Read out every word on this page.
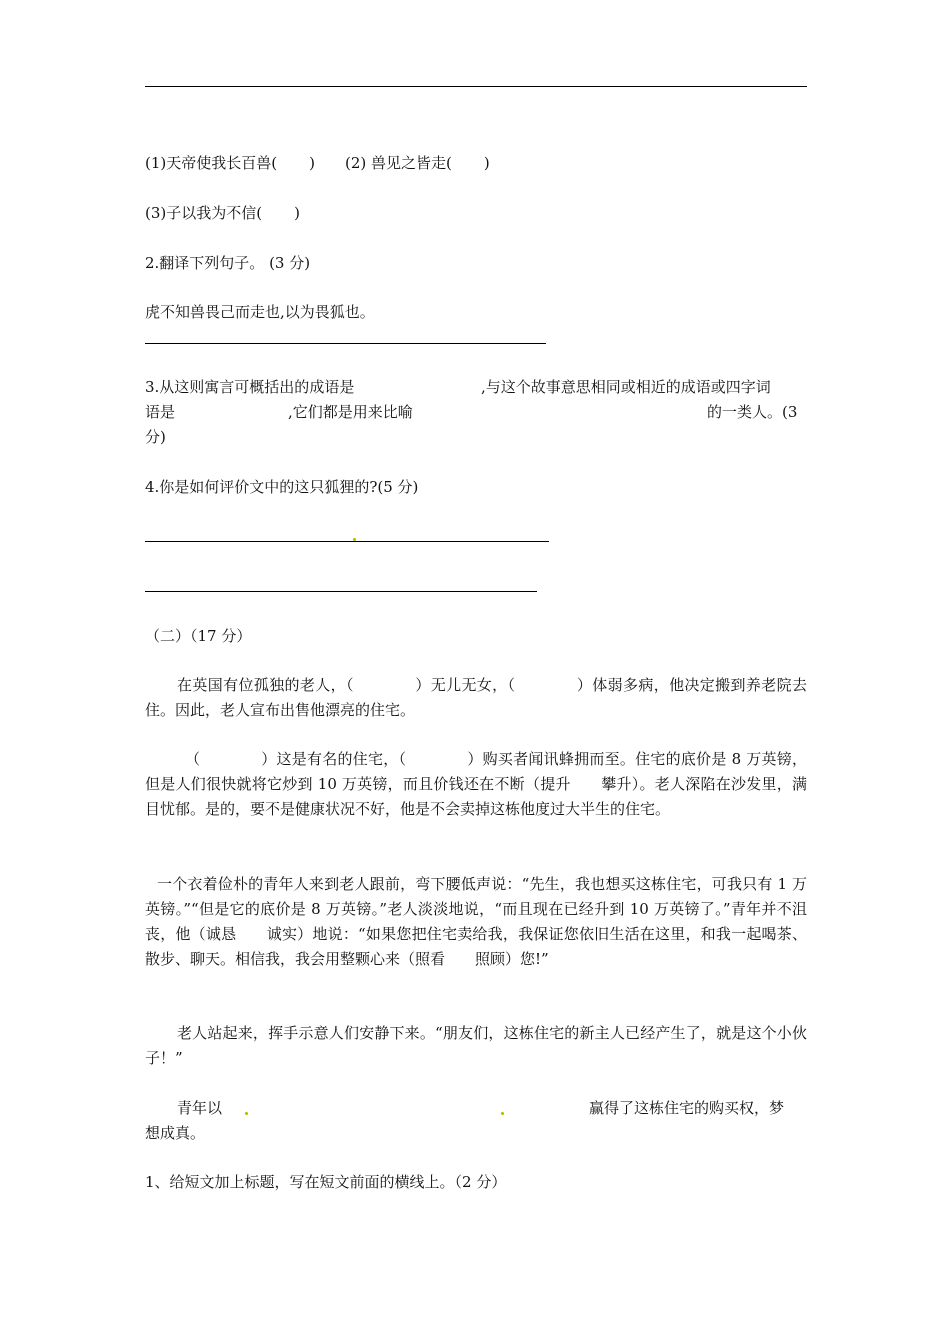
(1)天帝使我长百兽( ) (2) 兽见之皆走( )
(3)子以我为不信( )
2.翻译下列句子。 (3 分)
虎不知兽畏己而走也,以为畏狐也。
3.从这则寓言可概括出的成语是	,与这个故事意思相同或相近的成语或四字词
语是	,它们都是用来比喻	的一类人。(3
分)
4.你是如何评价文中的这只狐狸的?(5 分)
（二）（17 分）
在英国有位孤独的老人，（　　　　）无儿无女，（　　　　）体弱多病，他决定搬到养老院去住。因此，老人宣布出售他漂亮的住宅。
（　　　　）这是有名的住宅，（　　　　）购买者闻讯蜂拥而至。住宅的底价是 8 万英镑，但是人们很快就将它炒到 10 万英镑，而且价钱还在不断（提升　　攀升）。老人深陷在沙发里，满目忧郁。是的，要不是健康状况不好，他是不会卖掉这栋他度过大半生的住宅。
一个衣着俭朴的青年人来到老人跟前，弯下腰低声说：“先生，我也想买这栋住宅，可我只有 1 万英镑。”“但是它的底价是 8 万英镑。”老人淡淡地说，“而且现在已经升到 10 万英镑了。”青年并不沮丧，他（诚恳　　诚实）地说：“如果您把住宅卖给我，我保证您依旧生活在这里，和我一起喝茶、散步、聊天。相信我，我会用整颗心来（照看　　照顾）您!”
老人站起来，挥手示意人们安静下来。“朋友们，这栋住宅的新主人已经产生了，就是这个小伙子！”
青年以	赢得了这栋住宅的购买权，梦
想成真。
1、给短文加上标题，写在短文前面的横线上。（2 分）
